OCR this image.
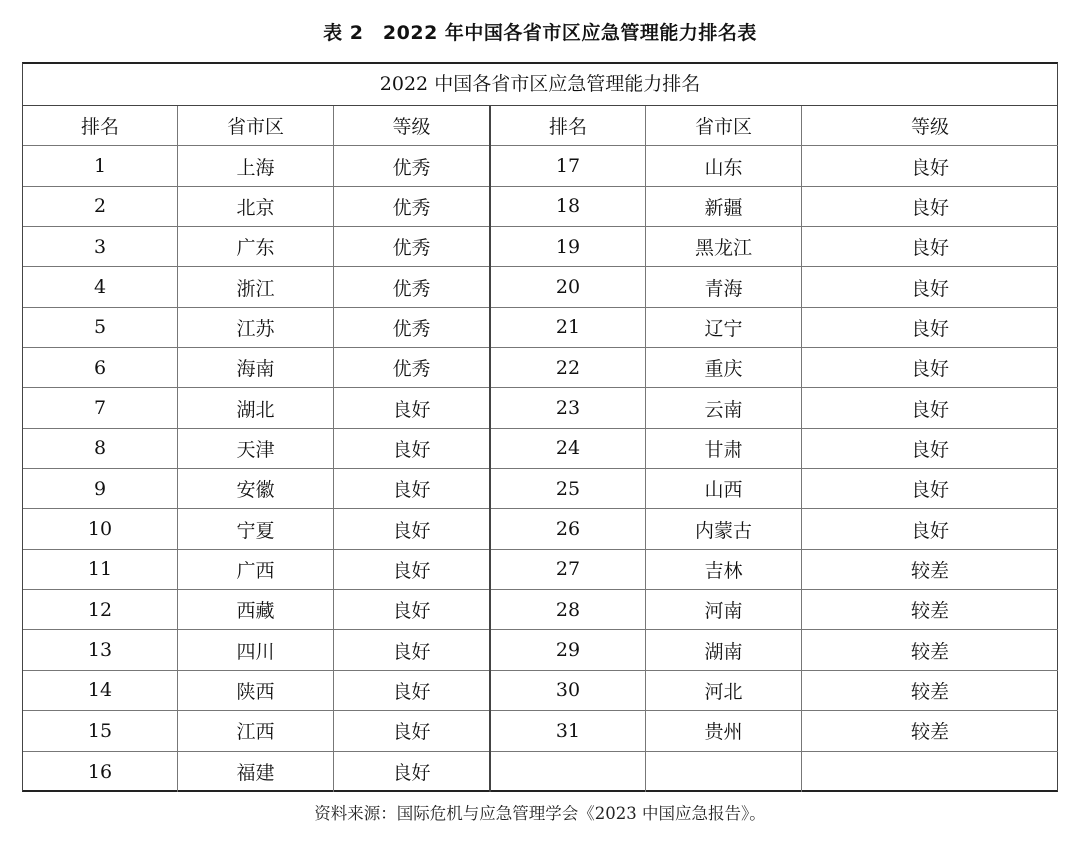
表 2　2022 年中国各省市区应急管理能力排名表
2022 中国各省市区应急管理能力排名
排名	省市区	等级
1	上海	优秀
2	北京	优秀
3	广东	优秀
4	浙江	优秀
5	江苏	优秀
6	海南	优秀
7	湖北	良好
8	天津	良好
9	安徽	良好
10	宁夏	良好
11	广西	良好
12	西藏	良好
13	四川	良好
14	陕西	良好
15	江西	良好
16	福建	良好
排名	省市区	等级
17	山东	良好
18	新疆	良好
19	黑龙江	良好
20	青海	良好
21	辽宁	良好
22	重庆	良好
23	云南	良好
24	甘肃	良好
25	山西	良好
26	内蒙古	良好
27	吉林	较差
28	河南	较差
29	湖南	较差
30	河北	较差
31	贵州	较差
资料来源：国际危机与应急管理学会《2023 中国应急报告》。
